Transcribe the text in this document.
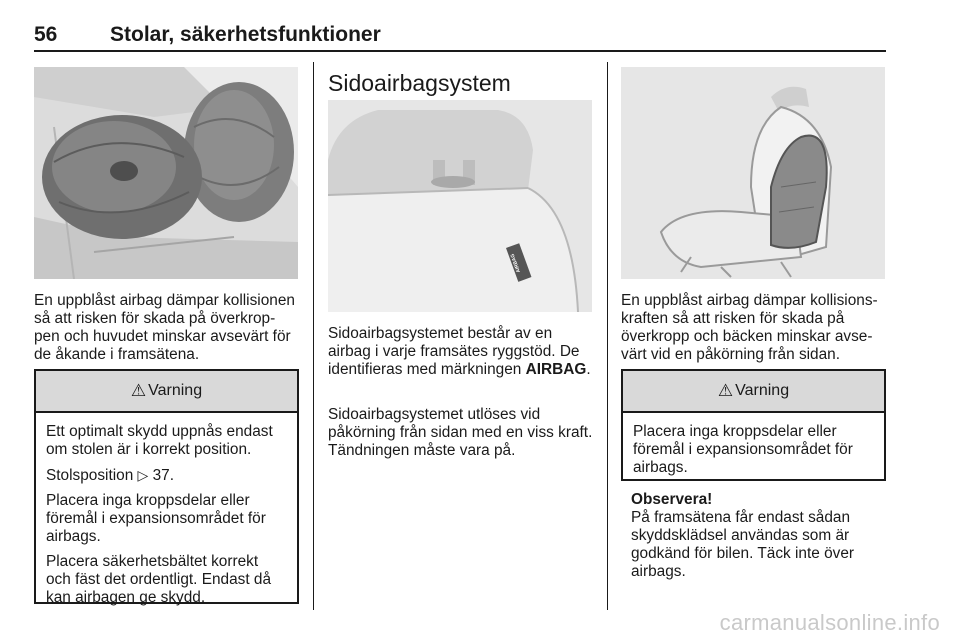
56	Stolar, säkerhetsfunktioner

En uppblåst airbag dämpar kollisionen så att risken för skada på överkrop-pen och huvudet minskar avsevärt för de åkande i framsätena.

⚠ Varning

Ett optimalt skydd uppnås endast om stolen är i korrekt position.

Stolsposition ▷ 37.

Placera inga kroppsdelar eller föremål i expansionsområdet för airbags.

Placera säkerhetsbältet korrekt och fäst det ordentligt. Endast då kan airbagen ge skydd.

Sidoairbagsystem
AIRBAG

Sidoairbagsystemet består av en airbag i varje framsätes ryggstöd. De identifieras med märkningen AIRBAG.

Sidoairbagsystemet utlöses vid påkörning från sidan med en viss kraft. Tändningen måste vara på.

En uppblåst airbag dämpar kollisions-kraften så att risken för skada på överkropp och bäcken minskar avse-värt vid en påkörning från sidan.

⚠ Varning

Placera inga kroppsdelar eller föremål i expansionsområdet för airbags.

Observera!
På framsätena får endast sådan skyddsklädsel användas som är godkänd för bilen. Täck inte över airbags.
carmanualsonline.info
